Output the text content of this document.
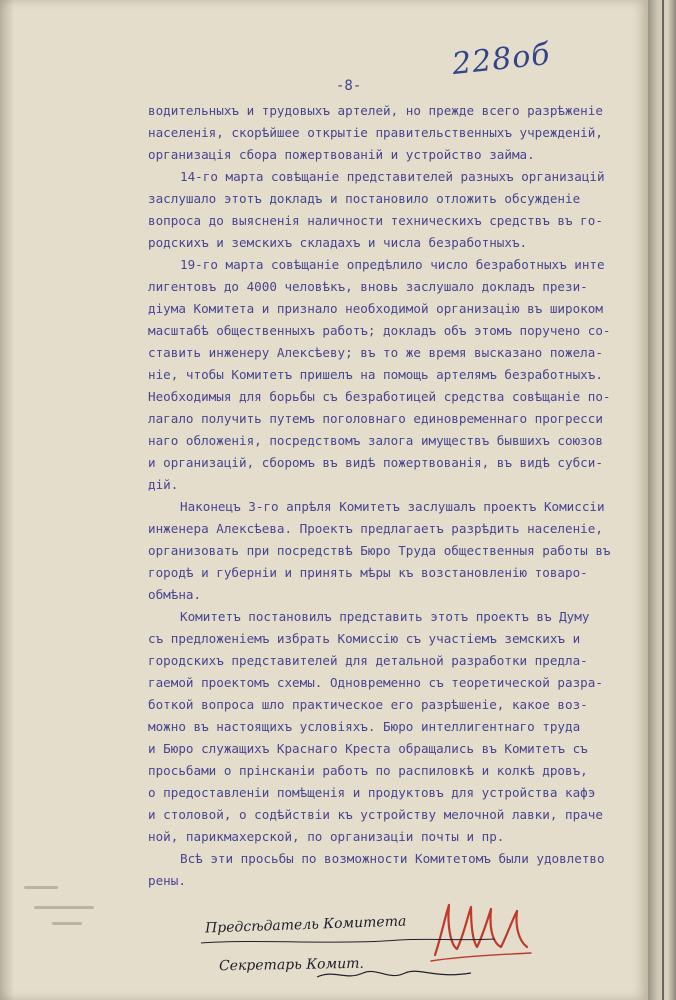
228об
-8-
водительныхъ и трудовыхъ артелей, но прежде всего разрѣженіе
населенія, скорѣйшее открытіе правительственныхъ учрежденій,
организація сбора пожертвованій и устройство займа.
14-го марта совѣщаніе представителей разныхъ организацій
заслушало этотъ докладъ и постановило отложить обсужденіе
вопроса до выясненія наличности техническихъ средствъ въ го-
родскихъ и земскихъ складахъ и числа безработныхъ.
19-го марта совѣщаніе опредѣлило число безработныхъ инте
лигентовъ до 4000 человѣкъ, вновь заслушало докладъ прези-
діума Комитета и признало необходимой организацію въ широком
масштабѣ общественныхъ работъ; докладъ объ этомъ поручено со-
ставить инженеру Алексѣеву; въ то же время высказано пожела-
ніе, чтобы Комитетъ пришелъ на помощь артелямъ безработныхъ.
Необходимыя для борьбы съ безработицей средства совѣщаніе по-
лагало получить путемъ поголовнаго единовременнаго прогресси
наго обложенія, посредствомъ залога имуществъ бывшихъ союзов
и организацій, сборомъ въ видѣ пожертвованія, въ видѣ субси-
дій.
Наконецъ 3-го апрѣля Комитетъ заслушалъ проектъ Комиссіи
инженера Алексѣева. Проектъ предлагаетъ разрѣдить населеніе,
организовать при посредствѣ Бюро Труда общественныя работы въ
городѣ и губерніи и принять мѣры къ возстановленію товаро-
обмѣна.
Комитетъ постановилъ представить этотъ проектъ въ Думу
съ предложеніемъ избрать Комиссію съ участіемъ земскихъ и
городскихъ представителей для детальной разработки предла-
гаемой проектомъ схемы. Одновременно съ теоретической разра-
боткой вопроса шло практическое его разрѣшеніе, какое воз-
можно въ настоящихъ условіяхъ. Бюро интеллигентнаго труда
и Бюро служащихъ Краснаго Креста обращались въ Комитетъ съ
просьбами о прінсканіи работъ по распиловкѣ и колкѣ дровъ,
о предоставленіи помѣщенія и продуктовъ для устройства кафэ
и столовой, о содѣйствіи къ устройству мелочной лавки, праче
ной, парикмахерской, по организаціи почты и пр.
Всѣ эти просьбы по возможности Комитетомъ были удовлетво
рены.
Предсѣдатель Комитета
Секретарь Комит.
